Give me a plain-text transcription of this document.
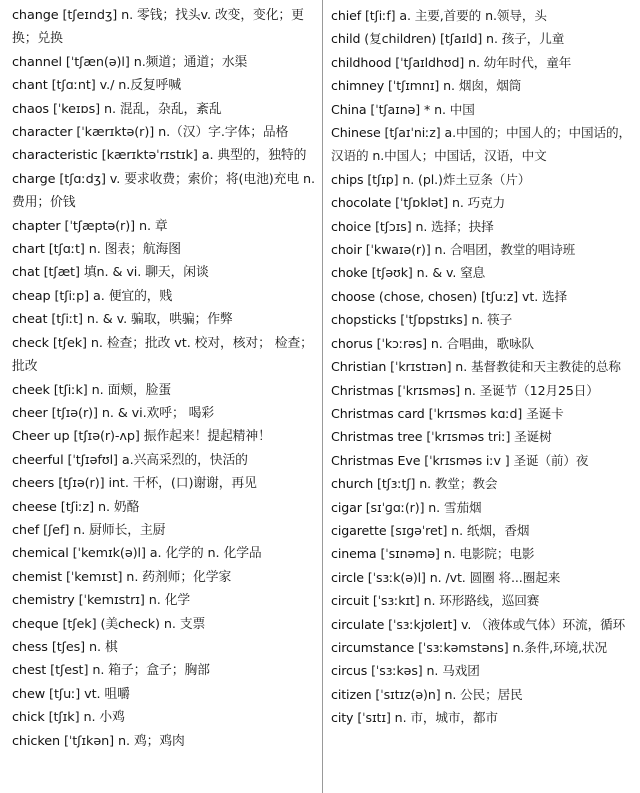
change [tʃeɪndʒ] n. 零钱；找头v. 改变，变化；更换；兑换
channel [ˈtʃæn(ə)l] n.频道；通道；水渠
chant [tʃɑːnt] v./ n.反复呼喊
chaos [ˈkeɪɒs] n. 混乱，杂乱，紊乱
character [ˈkærɪktə(r)] n.（汉）字.字体；品格
characteristic [kærɪktəˈrɪstɪk] a. 典型的，独特的
charge [tʃɑːdʒ] v. 要求收费；索价；将(电池)充电 n. 费用；价钱
chapter [ˈtʃæptə(r)] n. 章
chart [tʃɑːt] n. 图表；航海图
chat [tʃæt] 填n. & vi. 聊天，闲谈
cheap [tʃiːp] a. 便宜的，贱
cheat [tʃiːt] n. & v. 骗取，哄骗；作弊
check [tʃek] n. 检查；批改 vt. 校对，核对； 检查；批改
cheek [tʃiːk] n. 面颊，脸蛋
cheer [tʃɪə(r)] n. & vi.欢呼； 喝彩
Cheer up [tʃɪə(r)-ʌp] 振作起来！提起精神！
cheerful [ˈtʃɪəfʊl] a.兴高采烈的，快活的
cheers [tʃɪə(r)] int. 干杯，(口)谢谢，再见
cheese [tʃiːz] n. 奶酪
chef [ʃef] n. 厨师长，主厨
chemical [ˈkemɪk(ə)l] a. 化学的 n. 化学品
chemist [ˈkemɪst] n. 药剂师；化学家
chemistry [ˈkemɪstrɪ] n. 化学
cheque [tʃek] (美check) n. 支票
chess [tʃes] n. 棋
chest [tʃest] n. 箱子；盒子；胸部
chew [tʃuː] vt. 咀嚼
chick [tʃɪk] n. 小鸡
chicken [ˈtʃɪkən] n. 鸡；鸡肉
chief [tʃiːf] a. 主要,首要的 n.领导，头
child (复children) [tʃaɪld] n. 孩子，儿童
childhood [ˈtʃaɪldhʊd] n. 幼年时代，童年
chimney [ˈtʃɪmnɪ] n. 烟囱，烟筒
China [ˈtʃaɪnə] * n. 中国
Chinese [tʃaɪˈniːz] a.中国的；中国人的；中国话的，汉语的 n.中国人；中国话，汉语，中文
chips [tʃɪp] n. (pl.)炸土豆条（片）
chocolate [ˈtʃɒklət] n. 巧克力
choice [tʃɔɪs] n. 选择；抉择
choir [ˈkwaɪə(r)] n. 合唱团，教堂的唱诗班
choke [tʃəʊk] n. & v. 窒息
choose (chose, chosen) [tʃuːz] vt. 选择
chopsticks [ˈtʃɒpstɪks] n. 筷子
chorus [ˈkɔːrəs] n. 合唱曲，歌咏队
Christian [ˈkrɪstɪən] n. 基督教徒和天主教徒的总称
Christmas [ˈkrɪsməs] n. 圣诞节（12月25日）
Christmas card [ˈkrɪsməs kɑːd] 圣诞卡
Christmas tree [ˈkrɪsməs triː] 圣诞树
Christmas Eve [ˈkrɪsməs iːv ] 圣诞（前）夜
church [tʃɜːtʃ] n. 教堂；教会
cigar [sɪˈɡɑː(r)] n. 雪茄烟
cigarette [sɪgəˈret] n. 纸烟，香烟
cinema [ˈsɪnəmə] n. 电影院；电影
circle [ˈsɜːk(ə)l] n. /vt. 圆圈 将...圈起来
circuit [ˈsɜːkɪt] n. 环形路线，巡回赛
circulate [ˈsɜːkjʊleɪt] v. （液体或气体）环流，循环
circumstance [ˈsɜːkəmstəns] n.条件,环境,状况
circus [ˈsɜːkəs] n. 马戏团
citizen [ˈsɪtɪz(ə)n] n. 公民；居民
city [ˈsɪtɪ] n. 市，城市，都市
